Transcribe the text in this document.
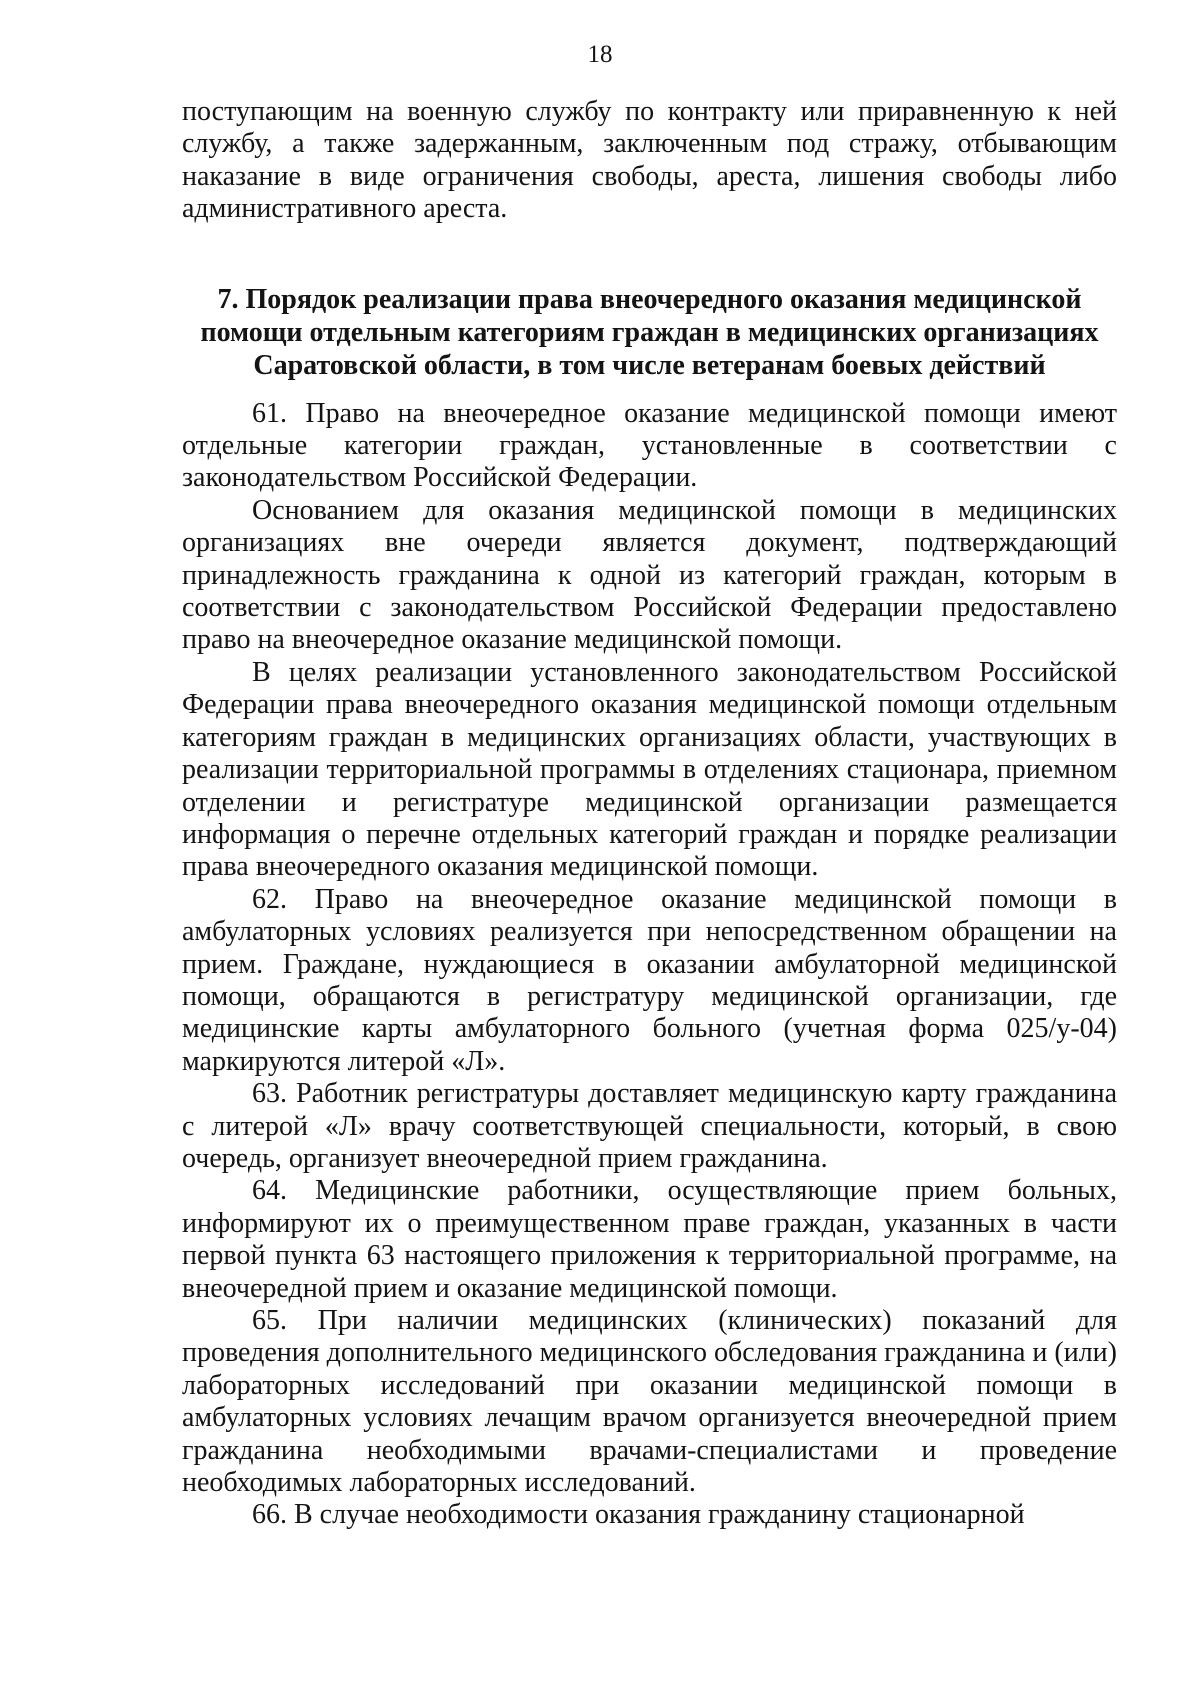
18

поступающим на военную службу по контракту или приравненную к ней службу, а также задержанным, заключенным под стражу, отбывающим наказание в виде ограничения свободы, ареста, лишения свободы либо административного ареста.

7. Порядок реализации права внеочередного оказания медицинской помощи отдельным категориям граждан в медицинских организациях Саратовской области, в том числе ветеранам боевых действий

61. Право на внеочередное оказание медицинской помощи имеют отдельные категории граждан, установленные в соответствии с законодательством Российской Федерации.

Основанием для оказания медицинской помощи в медицинских организациях вне очереди является документ, подтверждающий принадлежность гражданина к одной из категорий граждан, которым в соответствии с законодательством Российской Федерации предоставлено право на внеочередное оказание медицинской помощи.

В целях реализации установленного законодательством Российской Федерации права внеочередного оказания медицинской помощи отдельным категориям граждан в медицинских организациях области, участвующих в реализации территориальной программы в отделениях стационара, приемном отделении и регистратуре медицинской организации размещается информация о перечне отдельных категорий граждан и порядке реализации права внеочередного оказания медицинской помощи.

62. Право на внеочередное оказание медицинской помощи в амбулаторных условиях реализуется при непосредственном обращении на прием. Граждане, нуждающиеся в оказании амбулаторной медицинской помощи, обращаются в регистратуру медицинской организации, где медицинские карты амбулаторного больного (учетная форма 025/у-04) маркируются литерой «Л».

63. Работник регистратуры доставляет медицинскую карту гражданина с литерой «Л» врачу соответствующей специальности, который, в свою очередь, организует внеочередной прием гражданина.

64. Медицинские работники, осуществляющие прием больных, информируют их о преимущественном праве граждан, указанных в части первой пункта 63 настоящего приложения к территориальной программе, на внеочередной прием и оказание медицинской помощи.

65. При наличии медицинских (клинических) показаний для проведения дополнительного медицинского обследования гражданина и (или) лабораторных исследований при оказании медицинской помощи в амбулаторных условиях лечащим врачом организуется внеочередной прием гражданина необходимыми врачами-специалистами и проведение необходимых лабораторных исследований.

66. В случае необходимости оказания гражданину стационарной
